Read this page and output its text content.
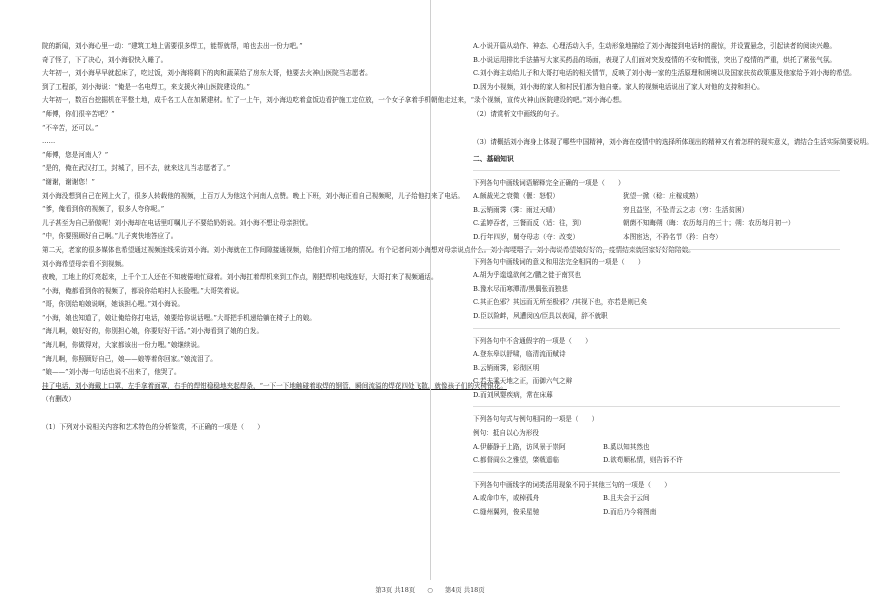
院的新闻，刘小海心里一动：“建筑工地上需要很多焊工，能帮就帮，咱也去出一份力吧。”

奇了怪了，下了决心，刘小海很快入睡了。

大年初一，刘小海早早就起床了，吃过饭，刘小海将剩下的肉和蔬菜给了房东大哥，他要去火神山医院当志愿者。

到了工程部，刘小海说：“俺是一名电焊工，来支援火神山医院建设的。”

大年初一，数百台挖掘机在平整土地，成千名工人在加紧建材。忙了一上午，刘小海边吃着盒饭边看护施工定位放，一个女子拿着手机朝他走过来，“录个视频，宣传火神山医院建设的吧。”刘小海心想。

“师傅，你们很辛苦吧？”

“不辛苦，还可以。”

……

“师傅，您是河南人？”

“是的，俺在武汉打工，封城了，回不去，就来这儿当志愿者了。”

“谢谢，谢谢您！”

刘小海没想到自己在网上火了，很多人转载他的视频，上百万人为他这个河南人点赞。晚上下班，刘小海正看自己视频呢，儿子给他打来了电话。

“爹，俺看到你的视频了，很多人夸你呢。”

儿子甚至为自己骄傲呢！刘小海却在电话里叮嘱儿子不要给奶奶说。刘小海不想让母亲担忧。

“中，你要照顾好自己啊。”儿子爽快地答应了。

第二天，老家的很多媒体也希望通过视频连线采访刘小海。刘小海就在工作间隙接通视频，给他们介绍工地的情况。有个记者问刘小海想对母亲说点什么。刘小海哽咽了。刘小海说希望娘好好的，疫情结束就回家好好陪陪娘。

刘小海希望母亲看不到视频。

夜晚，工地上的灯亮起来，上千个工人还在不知疲倦地忙碌着。刘小海扛着焊机来到工作点，刚把焊机电线连好，大哥打来了视频通话。

“小海，俺都看到你的视频了，都说你给咱村人长脸哩。”大哥笑着说。

“哥，你别给咱娘说啊，她该担心哩。”刘小海说。

“小海，娘也知道了，娘让俺给你打电话，娘要给你说话哩。”大哥把手机递给躺在椅子上的娘。

“海儿啊，娘好好的，你别担心娘，你要好好干活。”刘小海看到了娘的白发。

“海儿啊，你做得对，大家都该出一份力哩。”娘继续说。

“海儿啊，你照顾好自己，娘——娘等着你回家。”娘流泪了。

“娘——”刘小海一句话也说不出来了，他哭了。

挂了电话，刘小海戴上口罩，左手拿着面罩，右手的焊钳稳稳地夹起焊条，“一下一下地触碰着取焊的钢管，瞬间流溢的焊花四处飞散，就像孩子们的火树银花。

（有删改）

（1）下列对小说相关内容和艺术特色的分析鉴赏，不正确的一项是（　　）

A.小说开篇从动作、神态、心理活动入手，生动形象地描绘了刘小海接到电话时的震惊，并设置悬念，引起读者的阅读兴趣。

B.小说运用排比手法描写大家买药品的场面，表现了人们面对突发疫情的不安和慌张，突出了疫情的严重，烘托了紧张气氛。

C.刘小海主动给儿子和大哥打电话的相关情节，反映了刘小海一家的生活原理和困境以及国家扶贫政策惠及他家给予刘小海的希望。

D.因为小视频，刘小海的家人和村民们都为他自豪。家人的视频电话说出了家人对他的支持和担心。

（2）请赏析文中画线的句子。

（3）请概括刘小海身上体现了哪些中国精神，刘小海在疫情中的选择所体现出的精神又有着怎样的现实意义，请结合生活实际简要说明。

二、基础知识

下列各句中画线词语解释完全正确的一项是（　　）

A.颇裁光之衰微（偃：怒恨）	犹望一掀（稔：庄稼成熟）
B.云销雨霁（霁：雨过天晴）	穷且益坚，不坠青云之志（穷：生活贫困）
C.孟婷吞者，三餐而反（适：往，到）	朝菌不知晦朔（晦：农历每月的三十；朔：农历每月初一）
D.行年四岁，舅夺母志（夺：改变）	本图宦达，不矜名节（矜：自夸）

下列各句中画线词的意义和用法完全相同的一项是（　　）

A.胡为乎遑遑欲何之/鹏之徙于南冥也

B.豫水尽而寒潭清/黑偶张而独悲

C.其正色邪？其远而无所至极邪？/其视下也，亦若是则已矣

D.臣以险衅，夙遭闵凶/臣具以表闻，辞不就职

下列各句中不含通假字的一项是（　　）

A.登东皋以舒啸，临清流而赋诗

B.云销雨霁，彩彻区明

C.若夫乘天地之正，而御六气之辩

D.而刘夙婴疾病，常在床蓐

下列各句句式与例句相同的一项是（　　）

例句：抵自以心为形役

A.伊藤静于上路，访风景于崇阿	B.奚以知其然也
C.都督阎公之雅望，棨戟遥临	D.欲苟顺私情，则告诉不许

下列各句中画线字的词类活用现象不同于其他三句的一项是（　　）

A.或命巾车，或棹孤舟	B.且夫会于云间
C.缝州翼列，俊采星驰	D.而后乃今将图南
第3页 共18页 ○ 第4页 共18页
